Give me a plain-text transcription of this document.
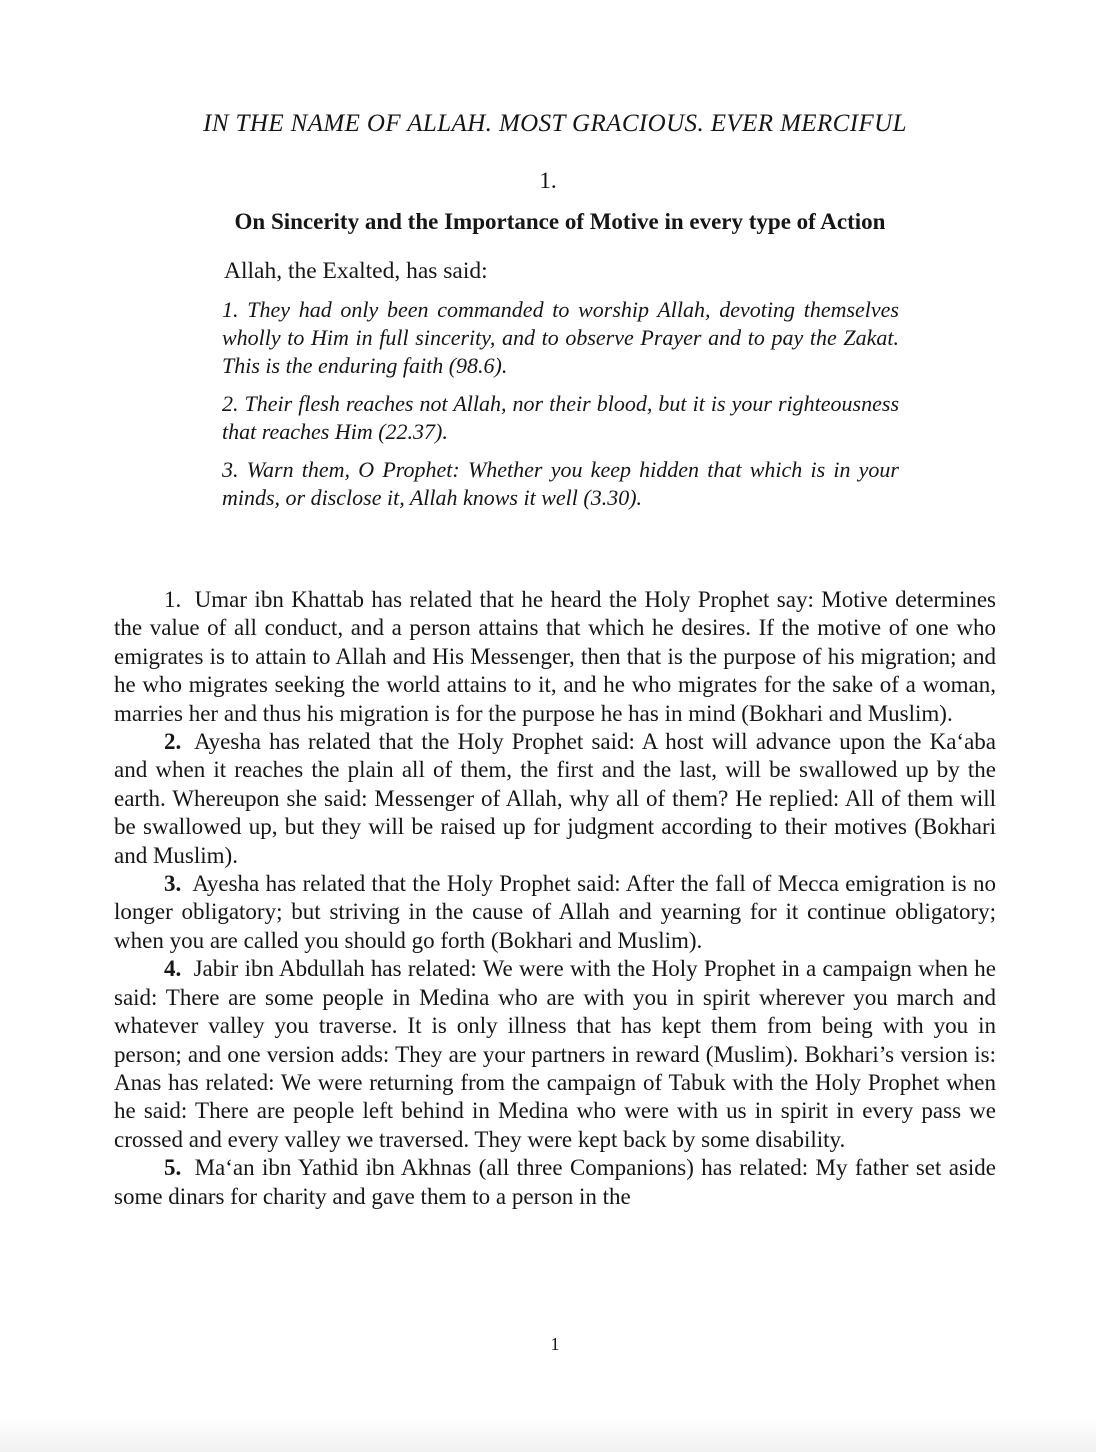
IN THE NAME OF ALLAH. MOST GRACIOUS. EVER MERCIFUL
1.
On Sincerity and the Importance of Motive in every type of Action
Allah, the Exalted, has said:

1. They had only been commanded to worship Allah, devoting themselves wholly to Him in full sincerity, and to observe Prayer and to pay the Zakat. This is the enduring faith (98.6).

2. Their flesh reaches not Allah, nor their blood, but it is your righteousness that reaches Him (22.37).

3. Warn them, O Prophet: Whether you keep hidden that which is in your minds, or disclose it, Allah knows it well (3.30).

1. Umar ibn Khattab has related that he heard the Holy Prophet say: Motive determines the value of all conduct, and a person attains that which he desires. If the motive of one who emigrates is to attain to Allah and His Messenger, then that is the purpose of his migration; and he who migrates seeking the world attains to it, and he who migrates for the sake of a woman, marries her and thus his migration is for the purpose he has in mind (Bokhari and Muslim).

2. Ayesha has related that the Holy Prophet said: A host will advance upon the Ka‘aba and when it reaches the plain all of them, the first and the last, will be swallowed up by the earth. Whereupon she said: Messenger of Allah, why all of them? He replied: All of them will be swallowed up, but they will be raised up for judgment according to their motives (Bokhari and Muslim).

3. Ayesha has related that the Holy Prophet said: After the fall of Mecca emigration is no longer obligatory; but striving in the cause of Allah and yearning for it continue obligatory; when you are called you should go forth (Bokhari and Muslim).

4. Jabir ibn Abdullah has related: We were with the Holy Prophet in a campaign when he said: There are some people in Medina who are with you in spirit wherever you march and whatever valley you traverse. It is only illness that has kept them from being with you in person; and one version adds: They are your partners in reward (Muslim). Bokhari’s version is: Anas has related: We were returning from the campaign of Tabuk with the Holy Prophet when he said: There are people left behind in Medina who were with us in spirit in every pass we crossed and every valley we traversed. They were kept back by some disability.

5. Ma‘an ibn Yathid ibn Akhnas (all three Companions) has related: My father set aside some dinars for charity and gave them to a person in the

1
